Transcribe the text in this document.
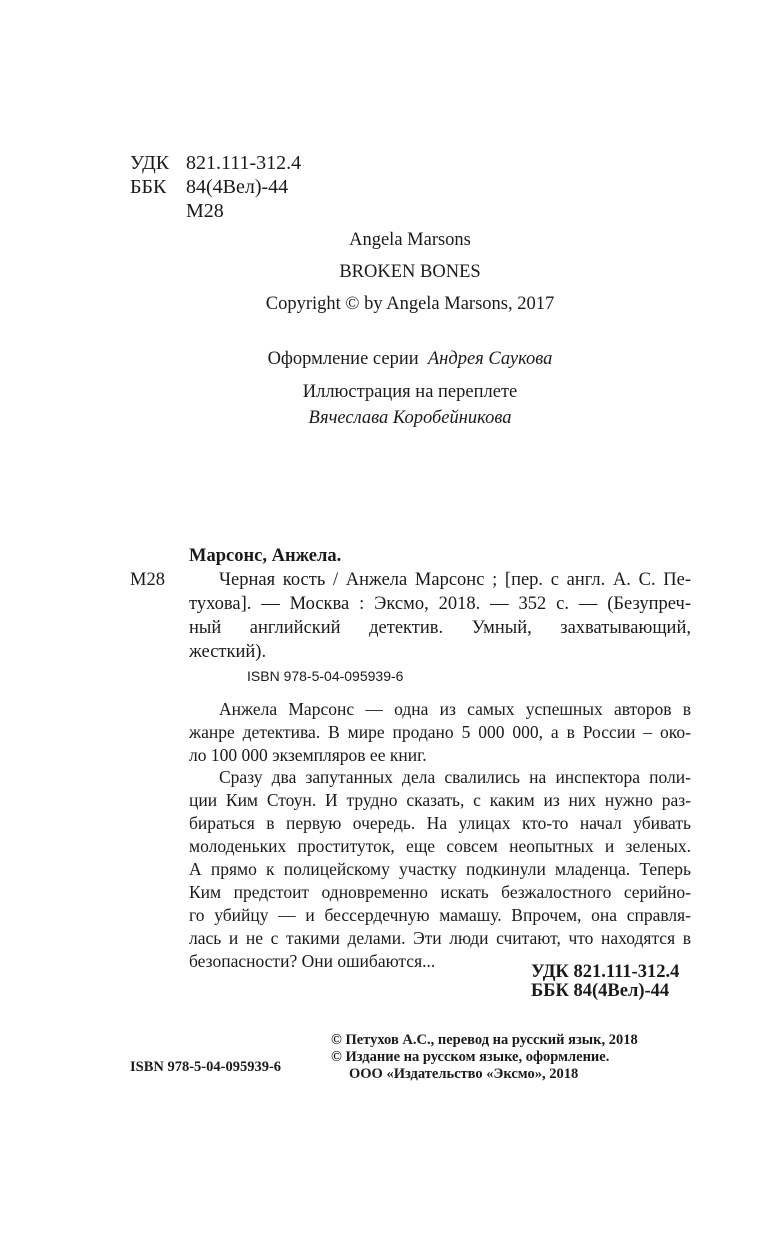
УДК 821.111-312.4
ББК 84(4Вел)-44
М28
Angela Marsons
BROKEN BONES
Copyright © by Angela Marsons, 2017
Оформление серии Андрея Саукова
Иллюстрация на переплете
Вячеслава Коробейникова
Марсонс, Анжела.
М28	Черная кость / Анжела Марсонс ; [пер. с англ. А. С. Пе-
тухова]. — Москва : Эксмо, 2018. — 352 с. — (Безупреч-
ный английский детектив. Умный, захватывающий,
жесткий).
ISBN 978-5-04-095939-6
Анжела Марсонс — одна из самых успешных авторов в
жанре детектива. В мире продано 5 000 000, а в России – око-
ло 100 000 экземпляров ее книг.
Сразу два запутанных дела свалились на инспектора поли-
ции Ким Стоун. И трудно сказать, с каким из них нужно раз-
бираться в первую очередь. На улицах кто-то начал убивать
молоденьких проституток, еще совсем неопытных и зеленых.
А прямо к полицейскому участку подкинули младенца. Теперь
Ким предстоит одновременно искать безжалостного серийно-
го убийцу — и бессердечную мамашу. Впрочем, она справля-
лась и не с такими делами. Эти люди считают, что находятся в
безопасности? Они ошибаются...
УДК 821.111-312.4
ББК 84(4Вел)-44
© Петухов А.С., перевод на русский язык, 2018
© Издание на русском языке, оформление.
ООО «Издательство «Эксмо», 2018
ISBN 978-5-04-095939-6
